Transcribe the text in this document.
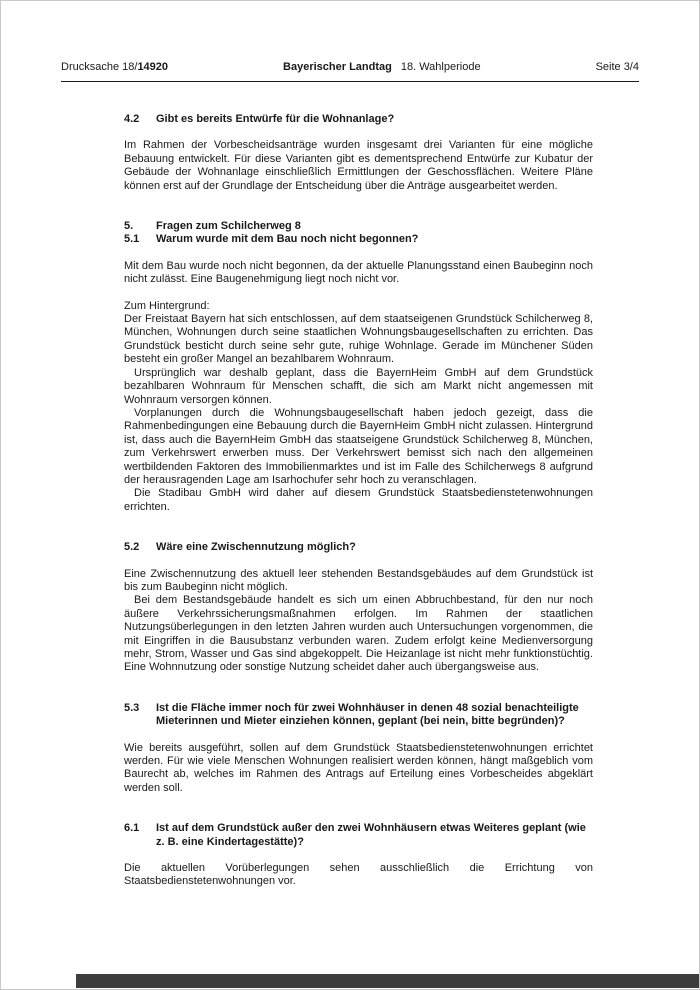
Drucksache 18/14920	Bayerischer Landtag 18. Wahlperiode	Seite 3/4
4.2	Gibt es bereits Entwürfe für die Wohnanlage?

Im Rahmen der Vorbescheidsanträge wurden insgesamt drei Varianten für eine mögliche Bebauung entwickelt. Für diese Varianten gibt es dementsprechend Entwürfe zur Kubatur der Gebäude der Wohnanlage einschließlich Ermittlungen der Geschossflächen. Weitere Pläne können erst auf der Grundlage der Entscheidung über die Anträge ausgearbeitet werden.

5.	Fragen zum Schilcherweg 8
5.1	Warum wurde mit dem Bau noch nicht begonnen?

Mit dem Bau wurde noch nicht begonnen, da der aktuelle Planungsstand einen Baubeginn noch nicht zulässt. Eine Baugenehmigung liegt noch nicht vor.

Zum Hintergrund:

Der Freistaat Bayern hat sich entschlossen, auf dem staatseigenen Grundstück Schilcherweg 8, München, Wohnungen durch seine staatlichen Wohnungsbaugesellschaften zu errichten. Das Grundstück besticht durch seine sehr gute, ruhige Wohnlage. Gerade im Münchener Süden besteht ein großer Mangel an bezahlbarem Wohnraum.

Ursprünglich war deshalb geplant, dass die BayernHeim GmbH auf dem Grundstück bezahlbaren Wohnraum für Menschen schafft, die sich am Markt nicht angemessen mit Wohnraum versorgen können.

Vorplanungen durch die Wohnungsbaugesellschaft haben jedoch gezeigt, dass die Rahmenbedingungen eine Bebauung durch die BayernHeim GmbH nicht zulassen. Hintergrund ist, dass auch die BayernHeim GmbH das staatseigene Grundstück Schilcherweg 8, München, zum Verkehrswert erwerben muss. Der Verkehrswert bemisst sich nach den allgemeinen wertbildenden Faktoren des Immobilienmarktes und ist im Falle des Schilcherwegs 8 aufgrund der herausragenden Lage am Isarhochufer sehr hoch zu veranschlagen.

Die Stadibau GmbH wird daher auf diesem Grundstück Staatsbedienstetenwohnungen errichten.

5.2	Wäre eine Zwischennutzung möglich?

Eine Zwischennutzung des aktuell leer stehenden Bestandsgebäudes auf dem Grundstück ist bis zum Baubeginn nicht möglich.

Bei dem Bestandsgebäude handelt es sich um einen Abbruchbestand, für den nur noch äußere Verkehrssicherungsmaßnahmen erfolgen. Im Rahmen der staatlichen Nutzungsüberlegungen in den letzten Jahren wurden auch Untersuchungen vorgenommen, die mit Eingriffen in die Bausubstanz verbunden waren. Zudem erfolgt keine Medienversorgung mehr, Strom, Wasser und Gas sind abgekoppelt. Die Heizanlage ist nicht mehr funktionstüchtig. Eine Wohnnutzung oder sonstige Nutzung scheidet daher auch übergangsweise aus.

5.3	Ist die Fläche immer noch für zwei Wohnhäuser in denen 48 sozial benachteiligte Mieterinnen und Mieter einziehen können, geplant (bei nein, bitte begründen)?

Wie bereits ausgeführt, sollen auf dem Grundstück Staatsbedienstetenwohnungen errichtet werden. Für wie viele Menschen Wohnungen realisiert werden können, hängt maßgeblich vom Baurecht ab, welches im Rahmen des Antrags auf Erteilung eines Vorbescheides abgeklärt werden soll.

6.1	Ist auf dem Grundstück außer den zwei Wohnhäusern etwas Weiteres geplant (wie z. B. eine Kindertagestätte)?

Die aktuellen Vorüberlegungen sehen ausschließlich die Errichtung von Staatsbedienstetenwohnungen vor.
